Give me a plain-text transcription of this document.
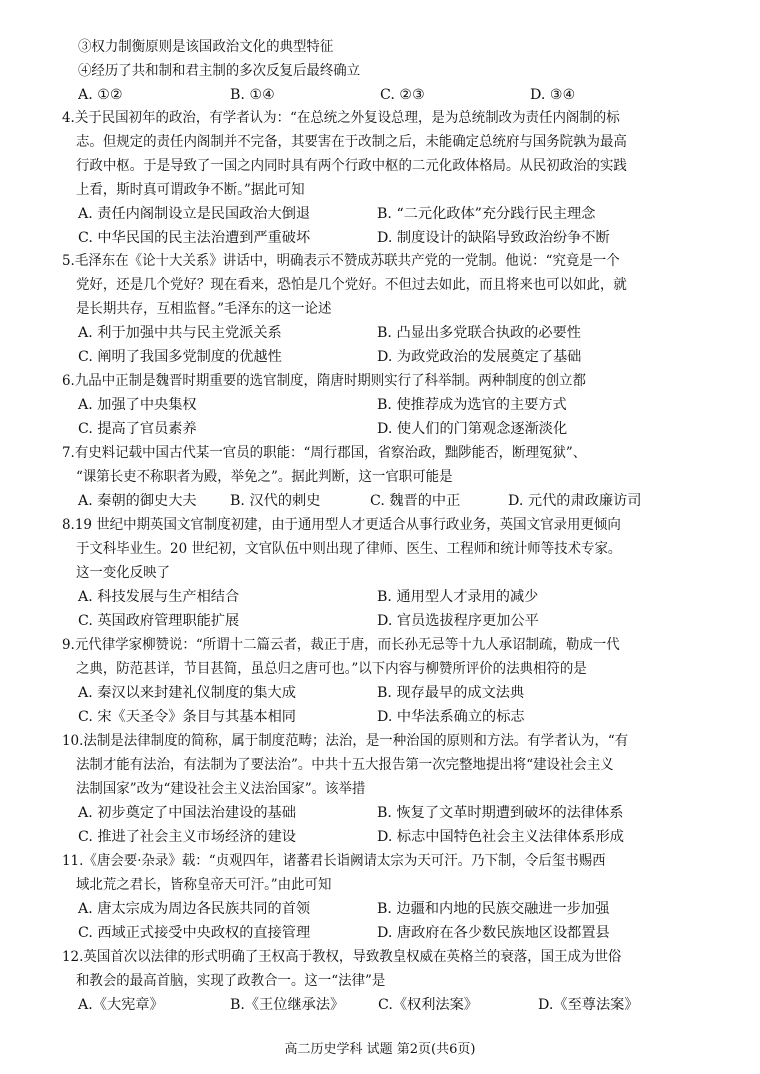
③权力制衡原则是该国政治文化的典型特征
④经历了共和制和君主制的多次反复后最终确立
A. ①②	B. ①④	C. ②③	D. ③④
4.关于民国初年的政治，有学者认为：“在总统之外复设总理，是为总统制改为责任内阁制的标
志。但规定的责任内阁制并不完备，其要害在于改制之后，未能确定总统府与国务院孰为最高
行政中枢。于是导致了一国之内同时具有两个行政中枢的二元化政体格局。从民初政治的实践
上看，斯时真可谓政争不断。”据此可知
A. 责任内阁制设立是民国政治大倒退	B. “二元化政体”充分践行民主理念
C. 中华民国的民主法治遭到严重破坏	D. 制度设计的缺陷导致政治纷争不断
5.毛泽东在《论十大关系》讲话中，明确表示不赞成苏联共产党的一党制。他说：“究竟是一个
党好，还是几个党好？现在看来，恐怕是几个党好。不但过去如此，而且将来也可以如此，就
是长期共存，互相监督。”毛泽东的这一论述
A. 利于加强中共与民主党派关系	B. 凸显出多党联合执政的必要性
C. 阐明了我国多党制度的优越性	D. 为政党政治的发展奠定了基础
6.九品中正制是魏晋时期重要的选官制度，隋唐时期则实行了科举制。两种制度的创立都
A. 加强了中央集权	B. 使推荐成为选官的主要方式
C. 提高了官员素养	D. 使人们的门第观念逐渐淡化
7.有史料记载中国古代某一官员的职能：“周行郡国，省察治政，黜陟能否，断理冤狱”、
“课第长吏不称职者为殿，举免之”。据此判断，这一官职可能是
A. 秦朝的御史大夫 B. 汉代的刺史	C. 魏晋的中正	D. 元代的肃政廉访司
8.19 世纪中期英国文官制度初建，由于通用型人才更适合从事行政业务，英国文官录用更倾向
于文科毕业生。20 世纪初，文官队伍中则出现了律师、医生、工程师和统计师等技术专家。
这一变化反映了
A. 科技发展与生产相结合	B. 通用型人才录用的减少
C. 英国政府管理职能扩展	D. 官员选拔程序更加公平
9.元代律学家柳赞说：“所谓十二篇云者，裁正于唐，而长孙无忌等十九人承诏制疏，勒成一代
之典，防范甚详，节目甚简，虽总归之唐可也。”以下内容与柳赞所评价的法典相符的是
A. 秦汉以来封建礼仪制度的集大成	B. 现存最早的成文法典
C. 宋《天圣令》条目与其基本相同	D. 中华法系确立的标志
10.法制是法律制度的简称，属于制度范畴；法治，是一种治国的原则和方法。有学者认为，“有
法制才能有法治，有法制为了要法治”。中共十五大报告第一次完整地提出将“建设社会主义
法制国家”改为“建设社会主义法治国家”。该举措
A. 初步奠定了中国法治建设的基础	B. 恢复了文革时期遭到破坏的法律体系
C. 推进了社会主义市场经济的建设	D. 标志中国特色社会主义法律体系形成
11.《唐会要·杂录》载：“贞观四年，诸蕃君长诣阙请太宗为天可汗。乃下制，令后玺书赐西
域北荒之君长，皆称皇帝天可汗。”由此可知
A. 唐太宗成为周边各民族共同的首领	B. 边疆和内地的民族交融进一步加强
C. 西域正式接受中央政权的直接管理	D. 唐政府在各少数民族地区设都置县
12.英国首次以法律的形式明确了王权高于教权，导致教皇权威在英格兰的衰落，国王成为世俗
和教会的最高首脑，实现了政教合一。这一“法律”是
A.《大宪章》	B.《王位继承法》 C.《权利法案》	D.《至尊法案》
高二历史学科 试题 第2页(共6页)
